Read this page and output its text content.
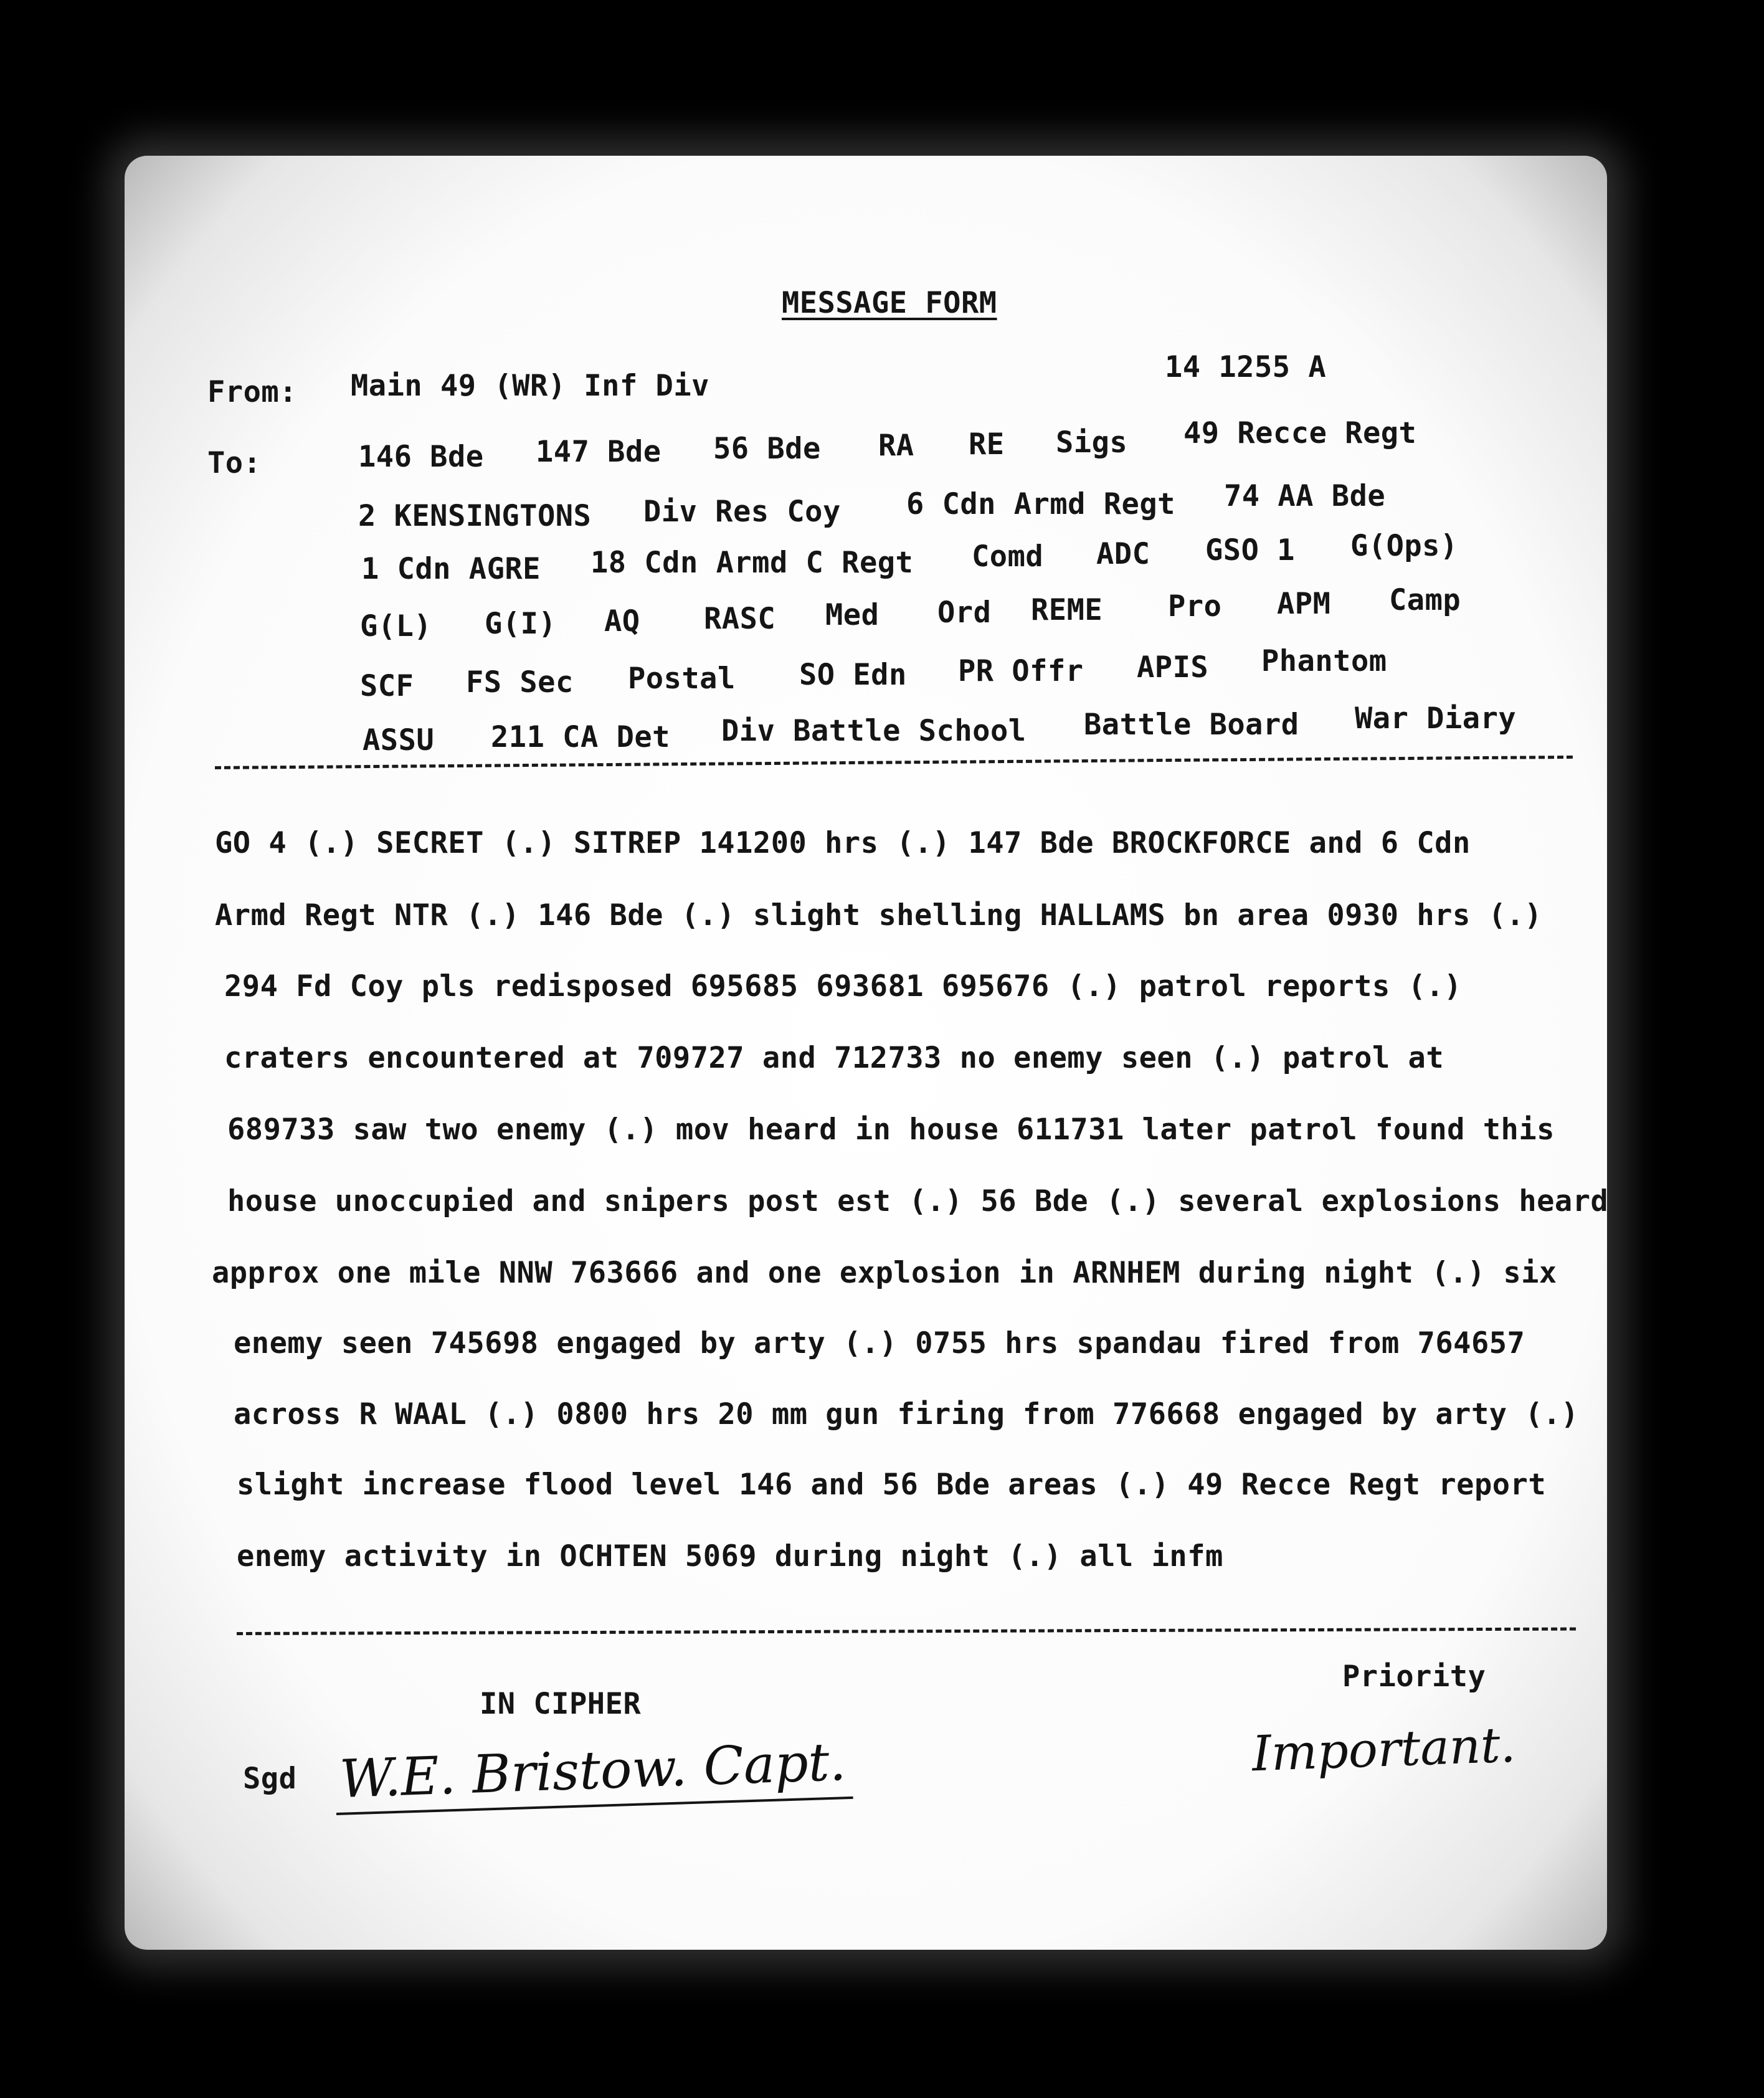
MESSAGE FORM
From: Main 49 (WR) Inf Div
14 1255 A
To:	146 Bde 147 Bde 56 Bde RA RE Sigs 49 Recce Regt
2 KENSINGTONS Div Res Coy 6 Cdn Armd Regt 74 AA Bde
1 Cdn AGRE 18 Cdn Armd C Regt Comd ADC GSO 1 G(Ops)
G(L) G(I) AQ RASC Med Ord REME Pro APM Camp
SCF FS Sec Postal SO Edn PR Offr APIS Phantom
ASSU 211 CA Det Div Battle School Battle Board War Diary
GO 4 (.) SECRET (.) SITREP 141200 hrs (.) 147 Bde BROCKFORCE and 6 Cdn
Armd Regt NTR (.) 146 Bde (.) slight shelling HALLAMS bn area 0930 hrs (.)
294 Fd Coy pls redisposed 695685 693681 695676 (.) patrol reports (.)
craters encountered at 709727 and 712733 no enemy seen (.) patrol at
689733 saw two enemy (.) mov heard in house 611731 later patrol found this
house unoccupied and snipers post est (.) 56 Bde (.) several explosions heard
approx one mile NNW 763666 and one explosion in ARNHEM during night (.) six
enemy seen 745698 engaged by arty (.) 0755 hrs spandau fired from 764657
across R WAAL (.) 0800 hrs 20 mm gun firing from 776668 engaged by arty (.)
slight increase flood level 146 and 56 Bde areas (.) 49 Recce Regt report
enemy activity in OCHTEN 5069 during night (.) all infm
IN CIPHER
Priority
Important.
Sgd W.E. Bristow. Capt.
